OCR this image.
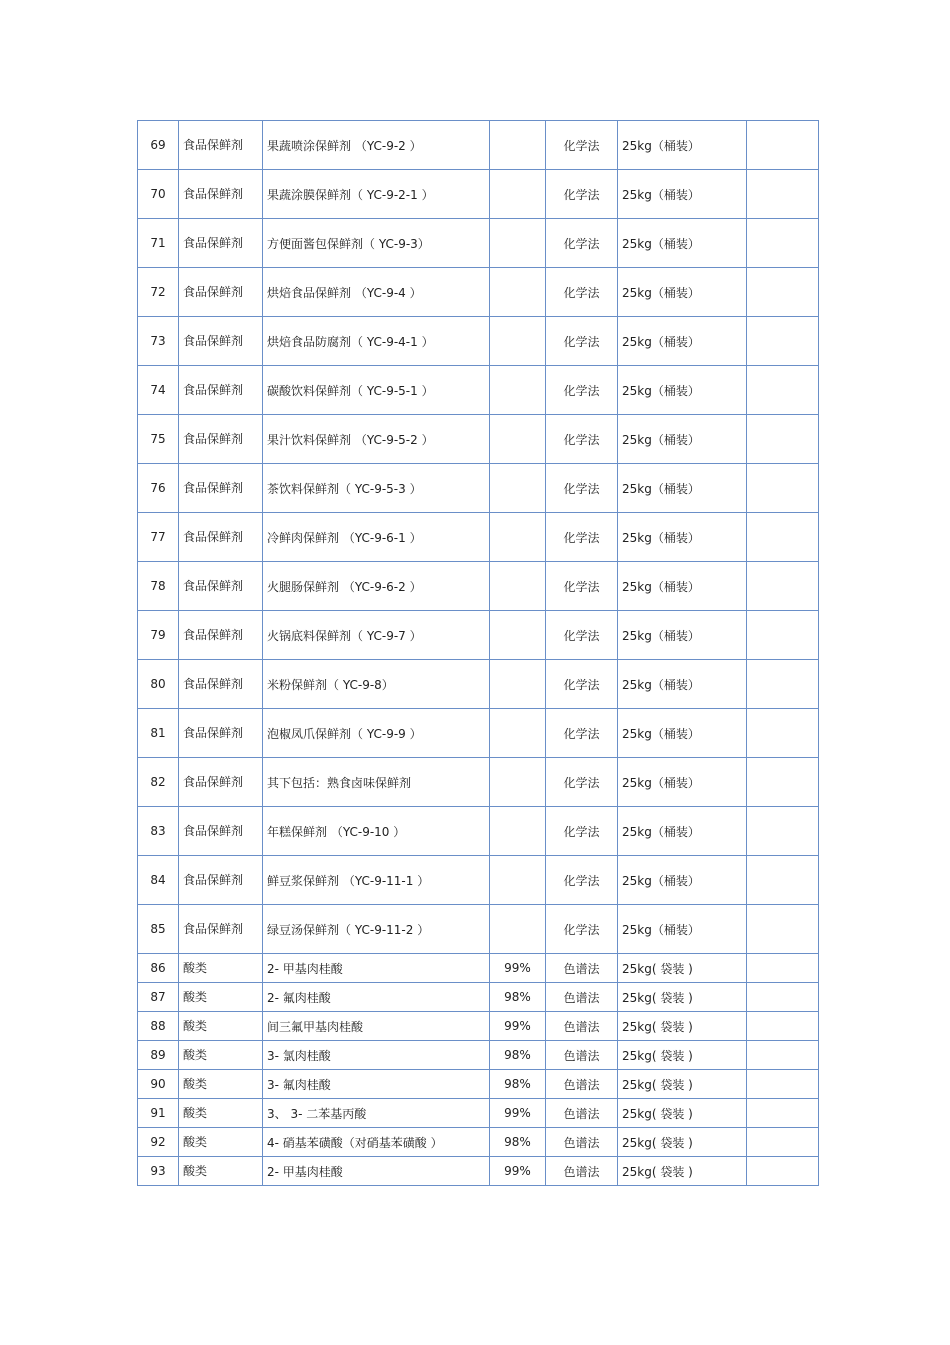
69	食品保鲜剂	果蔬喷涂保鲜剂 （YC-9-2 ）		化学法	25kg（桶装）	
70	食品保鲜剂	果蔬涂膜保鲜剂（ YC-9-2-1 ）		化学法	25kg（桶装）	
71	食品保鲜剂	方便面酱包保鲜剂（ YC-9-3）		化学法	25kg（桶装）	
72	食品保鲜剂	烘焙食品保鲜剂 （YC-9-4 ）		化学法	25kg（桶装）	
73	食品保鲜剂	烘焙食品防腐剂（ YC-9-4-1 ）		化学法	25kg（桶装）	
74	食品保鲜剂	碳酸饮料保鲜剂（ YC-9-5-1 ）		化学法	25kg（桶装）	
75	食品保鲜剂	果汁饮料保鲜剂 （YC-9-5-2 ）		化学法	25kg（桶装）	
76	食品保鲜剂	茶饮料保鲜剂（ YC-9-5-3 ）		化学法	25kg（桶装）	
77	食品保鲜剂	冷鲜肉保鲜剂 （YC-9-6-1 ）		化学法	25kg（桶装）	
78	食品保鲜剂	火腿肠保鲜剂 （YC-9-6-2 ）		化学法	25kg（桶装）	
79	食品保鲜剂	火锅底料保鲜剂（ YC-9-7 ）		化学法	25kg（桶装）	
80	食品保鲜剂	米粉保鲜剂（ YC-9-8）		化学法	25kg（桶装）	
81	食品保鲜剂	泡椒凤爪保鲜剂（ YC-9-9 ）		化学法	25kg（桶装）	
82	食品保鲜剂	其下包括：熟食卤味保鲜剂		化学法	25kg（桶装）	
83	食品保鲜剂	年糕保鲜剂 （YC-9-10 ）		化学法	25kg（桶装）	
84	食品保鲜剂	鲜豆浆保鲜剂 （YC-9-11-1 ）		化学法	25kg（桶装）	
85	食品保鲜剂	绿豆汤保鲜剂（ YC-9-11-2 ）		化学法	25kg（桶装）	
86	酸类	2- 甲基肉桂酸	99%	色谱法	25kg( 袋装 )	
87	酸类	2- 氟肉桂酸	98%	色谱法	25kg( 袋装 )	
88	酸类	间三氟甲基肉桂酸	99%	色谱法	25kg( 袋装 )	
89	酸类	3- 氯肉桂酸	98%	色谱法	25kg( 袋装 )	
90	酸类	3- 氟肉桂酸	98%	色谱法	25kg( 袋装 )	
91	酸类	3、 3- 二苯基丙酸	99%	色谱法	25kg( 袋装 )	
92	酸类	4- 硝基苯磺酸（对硝基苯磺酸 ）	98%	色谱法	25kg( 袋装 )	
93	酸类	2- 甲基肉桂酸	99%	色谱法	25kg( 袋装 )	
